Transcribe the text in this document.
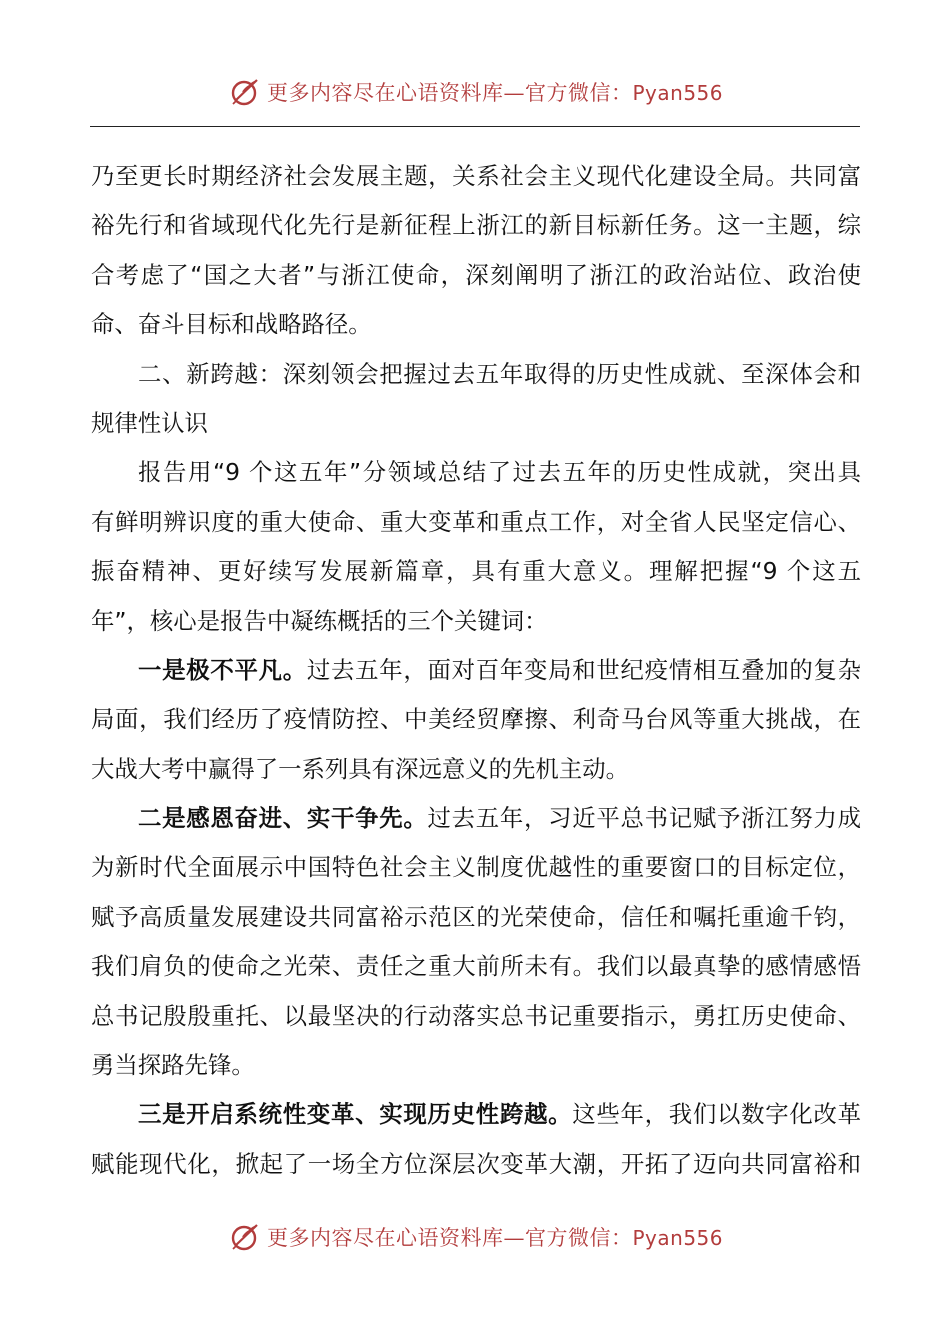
更多内容尽在心语资料库—官方微信：Pyan556
乃至更长时期经济社会发展主题，关系社会主义现代化建设全局。共同富
裕先行和省域现代化先行是新征程上浙江的新目标新任务。这一主题，综
合考虑了“国之大者”与浙江使命，深刻阐明了浙江的政治站位、政治使
命、奋斗目标和战略路径。
二、新跨越：深刻领会把握过去五年取得的历史性成就、至深体会和
规律性认识
报告用“9 个这五年”分领域总结了过去五年的历史性成就，突出具
有鲜明辨识度的重大使命、重大变革和重点工作，对全省人民坚定信心、
振奋精神、更好续写发展新篇章，具有重大意义。理解把握“9 个这五
年”，核心是报告中凝练概括的三个关键词：
一是极不平凡。过去五年，面对百年变局和世纪疫情相互叠加的复杂
局面，我们经历了疫情防控、中美经贸摩擦、利奇马台风等重大挑战，在
大战大考中赢得了一系列具有深远意义的先机主动。
二是感恩奋进、实干争先。过去五年，习近平总书记赋予浙江努力成
为新时代全面展示中国特色社会主义制度优越性的重要窗口的目标定位，
赋予高质量发展建设共同富裕示范区的光荣使命，信任和嘱托重逾千钧，
我们肩负的使命之光荣、责任之重大前所未有。我们以最真挚的感情感悟
总书记殷殷重托、以最坚决的行动落实总书记重要指示，勇扛历史使命、
勇当探路先锋。
三是开启系统性变革、实现历史性跨越。这些年，我们以数字化改革
赋能现代化，掀起了一场全方位深层次变革大潮，开拓了迈向共同富裕和
更多内容尽在心语资料库—官方微信：Pyan556
